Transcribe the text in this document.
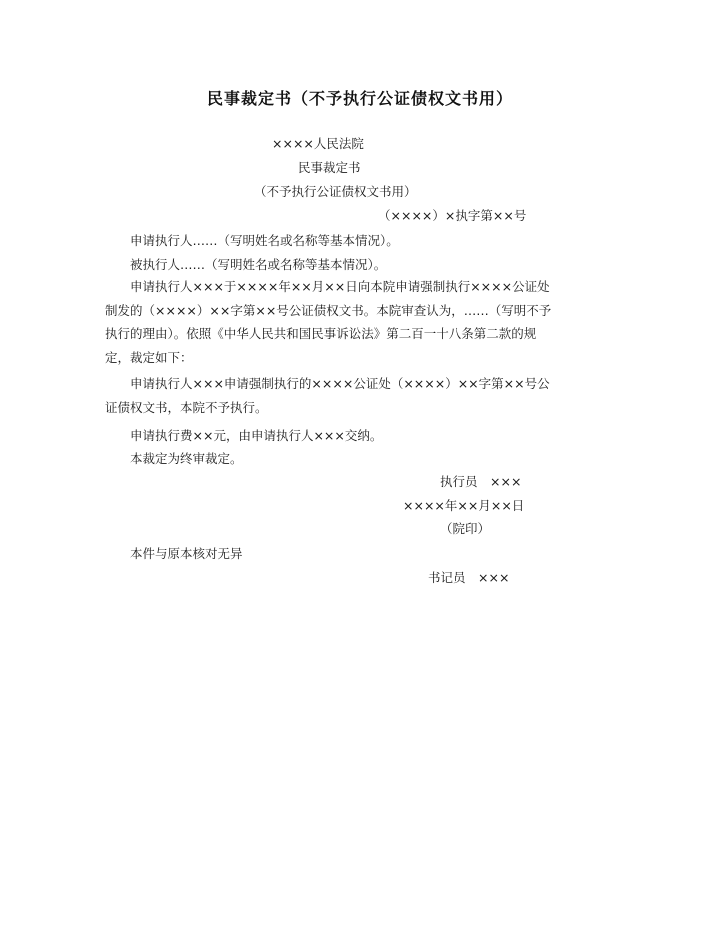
民事裁定书（不予执行公证债权文书用）
××××人民法院
民事裁定书
（不予执行公证债权文书用）
（××××）×执字第××号
申请执行人……（写明姓名或名称等基本情况）。
被执行人……（写明姓名或名称等基本情况）。
申请执行人×××于××××年××月××日向本院申请强制执行××××公证处制发的（××××）××字第××号公证债权文书。本院审查认为，……（写明不予执行的理由）。依照《中华人民共和国民事诉讼法》第二百一十八条第二款的规定，裁定如下：
申请执行人×××申请强制执行的××××公证处（××××）××字第××号公证债权文书，本院不予执行。
申请执行费××元，由申请执行人×××交纳。
本裁定为终审裁定。
执行员　×××
××××年××月××日
（院印）
本件与原本核对无异
书记员　×××
